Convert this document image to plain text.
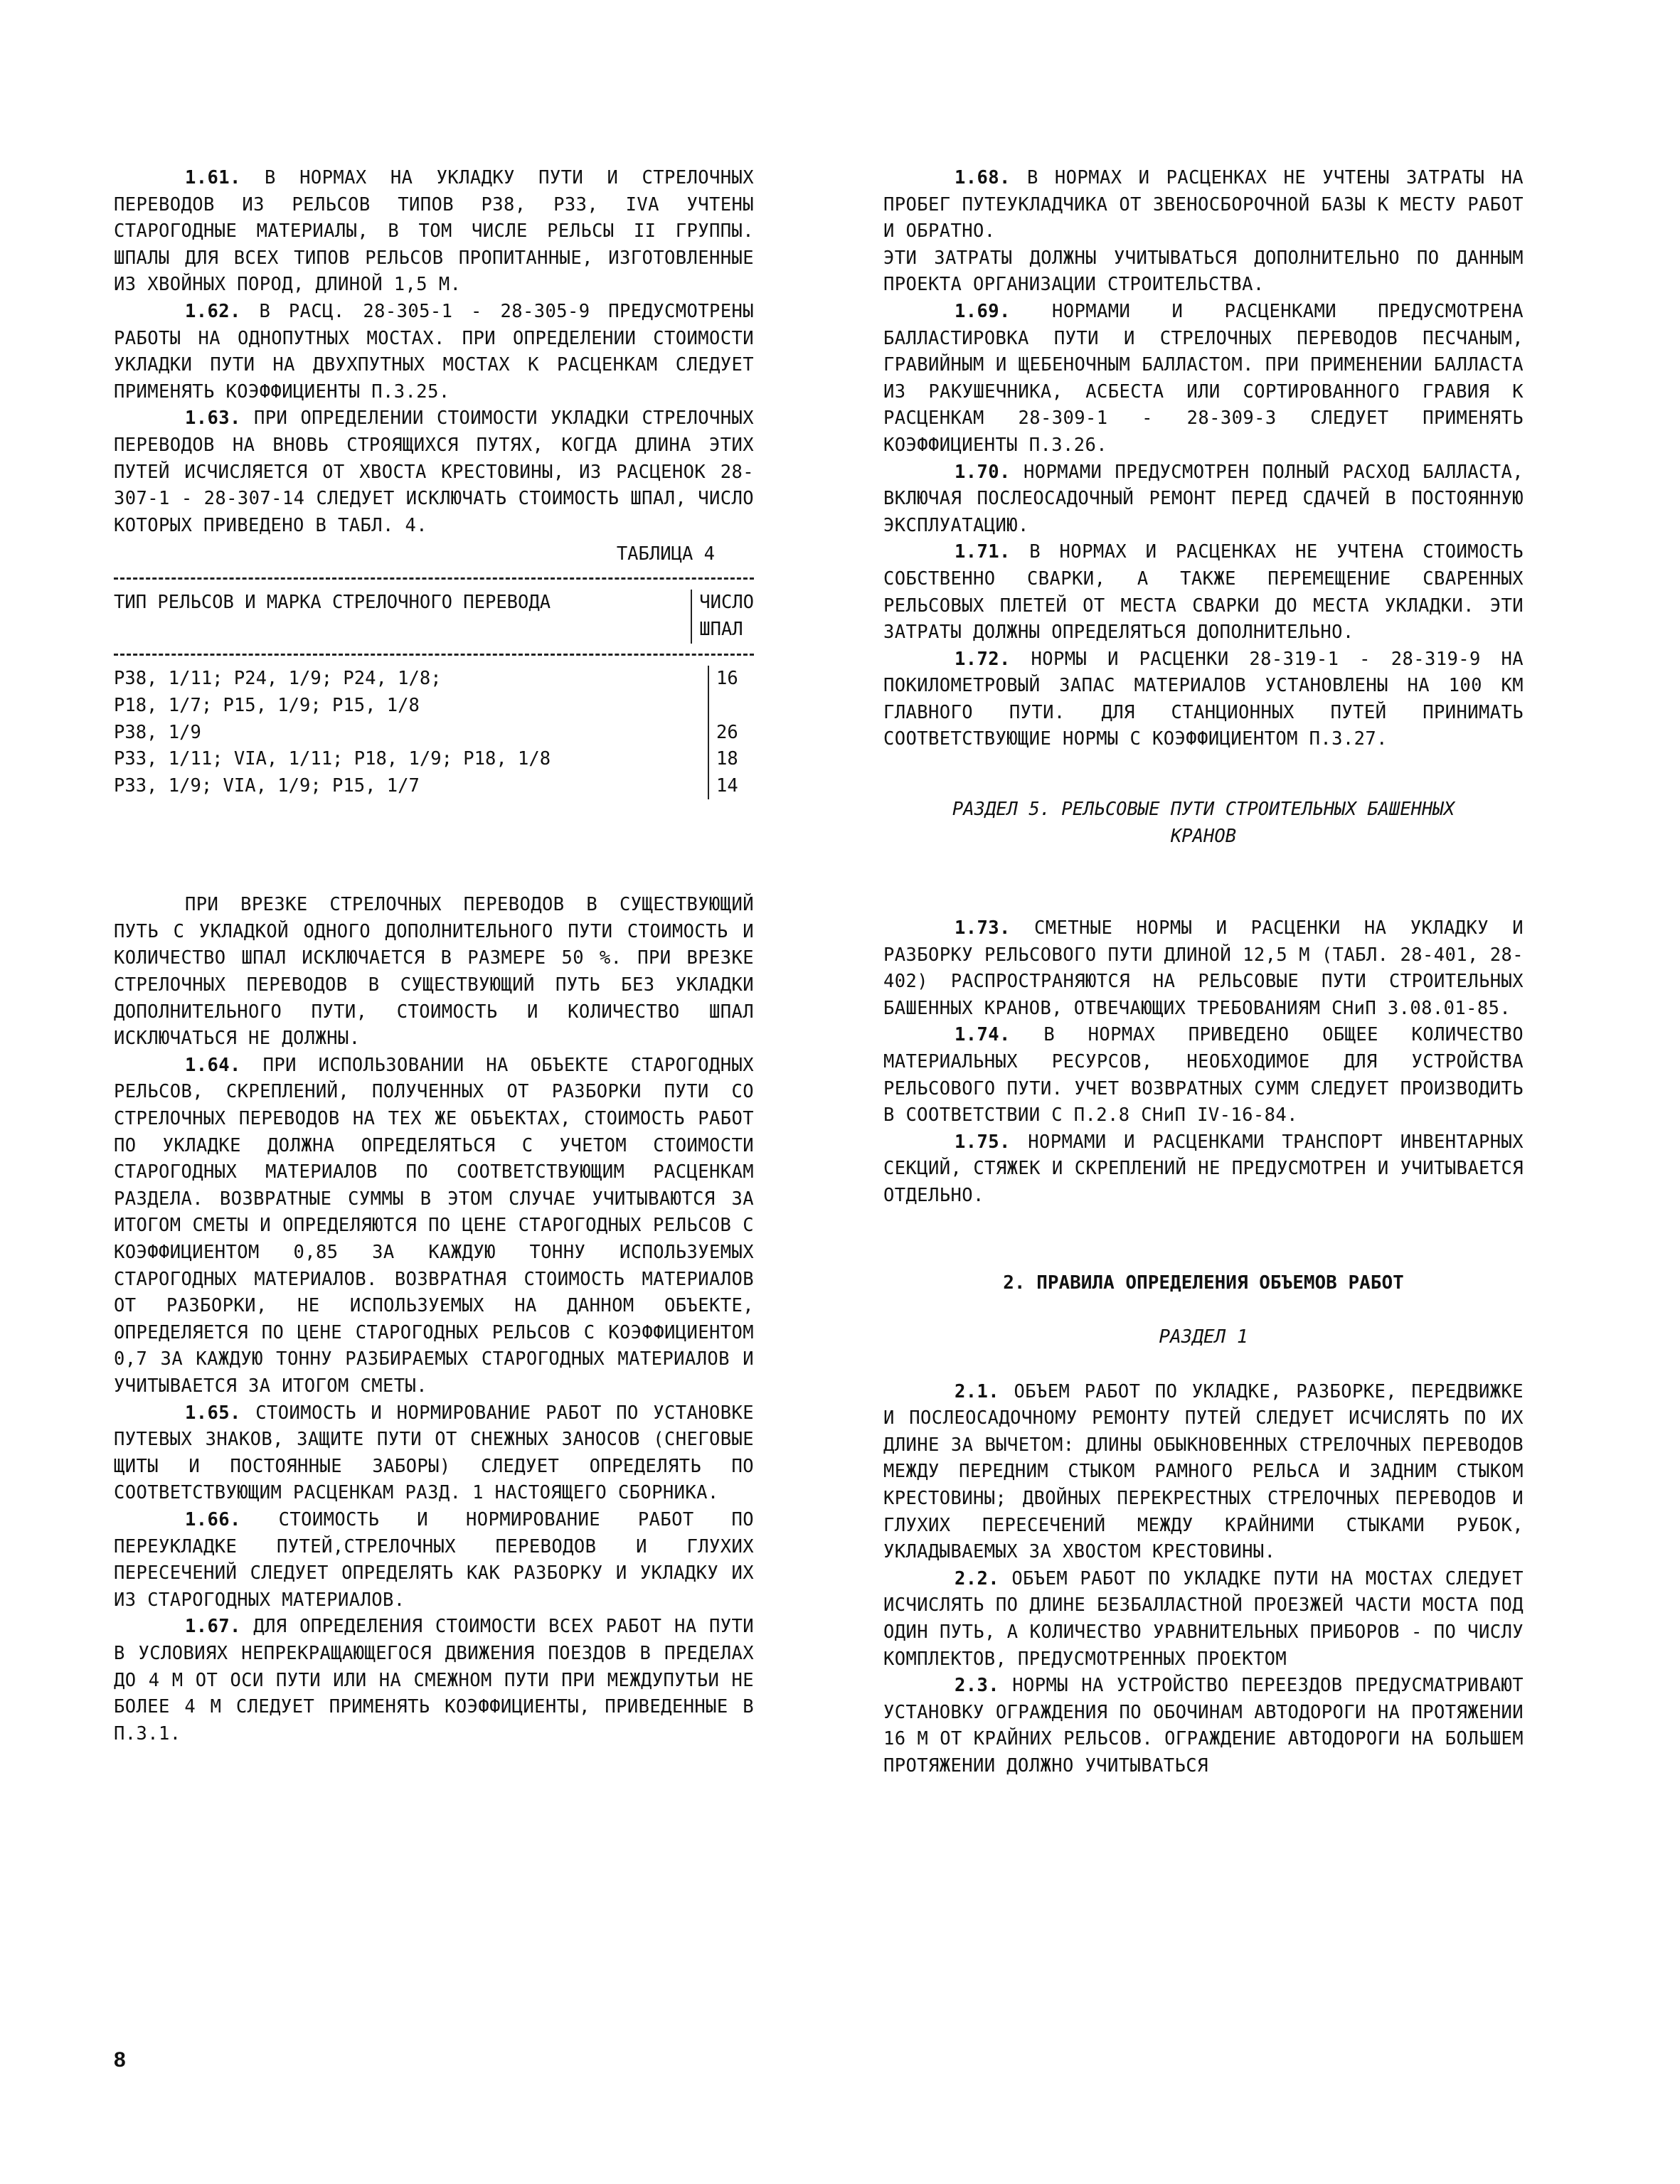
1.61. В НОРМАХ НА УКЛАДКУ ПУТИ И СТРЕЛОЧНЫХ ПЕРЕВОДОВ ИЗ РЕЛЬСОВ ТИПОВ Р38, Р33, IVA УЧТЕНЫ СТАРОГОДНЫЕ МАТЕРИАЛЫ, В ТОМ ЧИСЛЕ РЕЛЬСЫ II ГРУППЫ. ШПАЛЫ ДЛЯ ВСЕХ ТИПОВ РЕЛЬСОВ ПРОПИТАННЫЕ, ИЗГОТОВЛЕННЫЕ ИЗ ХВОЙНЫХ ПОРОД, ДЛИНОЙ 1,5 М.

1.62. В РАСЦ. 28-305-1 - 28-305-9 ПРЕДУСМОТРЕНЫ РАБОТЫ НА ОДНОПУТНЫХ МОСТАХ. ПРИ ОПРЕДЕЛЕНИИ СТОИМОСТИ УКЛАДКИ ПУТИ НА ДВУХПУТНЫХ МОСТАХ К РАСЦЕНКАМ СЛЕДУЕТ ПРИМЕНЯТЬ КОЭФФИЦИЕНТЫ П.3.25.

1.63. ПРИ ОПРЕДЕЛЕНИИ СТОИМОСТИ УКЛАДКИ СТРЕЛОЧНЫХ ПЕРЕВОДОВ НА ВНОВЬ СТРОЯЩИХСЯ ПУТЯХ, КОГДА ДЛИНА ЭТИХ ПУТЕЙ ИСЧИСЛЯЕТСЯ ОТ ХВОСТА КРЕСТОВИНЫ, ИЗ РАСЦЕНОК 28-307-1 - 28-307-14 СЛЕДУЕТ ИСКЛЮЧАТЬ СТОИМОСТЬ ШПАЛ, ЧИСЛО КОТОРЫХ ПРИВЕДЕНО В ТАБЛ. 4.

ТАБЛИЦА 4
ТИП РЕЛЬСОВ И МАРКА СТРЕЛОЧНОГО ПЕРЕВОДА	ЧИСЛО
ШПАЛ
Р38, 1/11; Р24, 1/9; Р24, 1/8;	16
Р18, 1/7; Р15, 1/9; Р15, 1/8
Р38, 1/9	26
Р33, 1/11; VIA, 1/11; Р18, 1/9; Р18, 1/8	18
Р33, 1/9; VIA, 1/9; Р15, 1/7	14

ПРИ ВРЕЗКЕ СТРЕЛОЧНЫХ ПЕРЕВОДОВ В СУЩЕСТВУЮЩИЙ ПУТЬ С УКЛАДКОЙ ОДНОГО ДОПОЛНИТЕЛЬНОГО ПУТИ СТОИМОСТЬ И КОЛИЧЕСТВО ШПАЛ ИСКЛЮЧАЕТСЯ В РАЗМЕРЕ 50 %. ПРИ ВРЕЗКЕ СТРЕЛОЧНЫХ ПЕРЕВОДОВ В СУЩЕСТВУЮЩИЙ ПУТЬ БЕЗ УКЛАДКИ ДОПОЛНИТЕЛЬНОГО ПУТИ, СТОИМОСТЬ И КОЛИЧЕСТВО ШПАЛ ИСКЛЮЧАТЬСЯ НЕ ДОЛЖНЫ.

1.64. ПРИ ИСПОЛЬЗОВАНИИ НА ОБЪЕКТЕ СТАРОГОДНЫХ РЕЛЬСОВ, СКРЕПЛЕНИЙ, ПОЛУЧЕННЫХ ОТ РАЗБОРКИ ПУТИ СО СТРЕЛОЧНЫХ ПЕРЕВОДОВ НА ТЕХ ЖЕ ОБЪЕКТАХ, СТОИМОСТЬ РАБОТ ПО УКЛАДКЕ ДОЛЖНА ОПРЕДЕЛЯТЬСЯ С УЧЕТОМ СТОИМОСТИ СТАРОГОДНЫХ МАТЕРИАЛОВ ПО СООТВЕТСТВУЮЩИМ РАСЦЕНКАМ РАЗДЕЛА. ВОЗВРАТНЫЕ СУММЫ В ЭТОМ СЛУЧАЕ УЧИТЫВАЮТСЯ ЗА ИТОГОМ СМЕТЫ И ОПРЕДЕЛЯЮТСЯ ПО ЦЕНЕ СТАРОГОДНЫХ РЕЛЬСОВ С КОЭФФИЦИЕНТОМ 0,85 ЗА КАЖДУЮ ТОННУ ИСПОЛЬЗУЕМЫХ СТАРОГОДНЫХ МАТЕРИАЛОВ. ВОЗВРАТНАЯ СТОИМОСТЬ МАТЕРИАЛОВ ОТ РАЗБОРКИ, НЕ ИСПОЛЬЗУЕМЫХ НА ДАННОМ ОБЪЕКТЕ, ОПРЕДЕЛЯЕТСЯ ПО ЦЕНЕ СТАРОГОДНЫХ РЕЛЬСОВ С КОЭФФИЦИЕНТОМ 0,7 ЗА КАЖДУЮ ТОННУ РАЗБИРАЕМЫХ СТАРОГОДНЫХ МАТЕРИАЛОВ И УЧИТЫВАЕТСЯ ЗА ИТОГОМ СМЕТЫ.

1.65. СТОИМОСТЬ И НОРМИРОВАНИЕ РАБОТ ПО УСТАНОВКЕ ПУТЕВЫХ ЗНАКОВ, ЗАЩИТЕ ПУТИ ОТ СНЕЖНЫХ ЗАНОСОВ (СНЕГОВЫЕ ЩИТЫ И ПОСТОЯННЫЕ ЗАБОРЫ) СЛЕДУЕТ ОПРЕДЕЛЯТЬ ПО СООТВЕТСТВУЮЩИМ РАСЦЕНКАМ РАЗД. 1 НАСТОЯЩЕГО СБОРНИКА.

1.66. СТОИМОСТЬ И НОРМИРОВАНИЕ РАБОТ ПО ПЕРЕУКЛАДКЕ ПУТЕЙ,СТРЕЛОЧНЫХ ПЕРЕВОДОВ И ГЛУХИХ ПЕРЕСЕЧЕНИЙ СЛЕДУЕТ ОПРЕДЕЛЯТЬ КАК РАЗБОРКУ И УКЛАДКУ ИХ ИЗ СТАРОГОДНЫХ МАТЕРИАЛОВ.

1.67. ДЛЯ ОПРЕДЕЛЕНИЯ СТОИМОСТИ ВСЕХ РАБОТ НА ПУТИ В УСЛОВИЯХ НЕПРЕКРАЩАЮЩЕГОСЯ ДВИЖЕНИЯ ПОЕЗДОВ В ПРЕДЕЛАХ ДО 4 М ОТ ОСИ ПУТИ ИЛИ НА СМЕЖНОМ ПУТИ ПРИ МЕЖДУПУТЬИ НЕ БОЛЕЕ 4 М СЛЕДУЕТ ПРИМЕНЯТЬ КОЭФФИЦИЕНТЫ, ПРИВЕДЕННЫЕ В П.3.1.

1.68. В НОРМАХ И РАСЦЕНКАХ НЕ УЧТЕНЫ ЗАТРАТЫ НА ПРОБЕГ ПУТЕУКЛАДЧИКА ОТ ЗВЕНОСБОРОЧНОЙ БАЗЫ К МЕСТУ РАБОТ И ОБРАТНО.

ЭТИ ЗАТРАТЫ ДОЛЖНЫ УЧИТЫВАТЬСЯ ДОПОЛНИТЕЛЬНО ПО ДАННЫМ ПРОЕКТА ОРГАНИЗАЦИИ СТРОИТЕЛЬСТВА.

1.69. НОРМАМИ И РАСЦЕНКАМИ ПРЕДУСМОТРЕНА БАЛЛАСТИРОВКА ПУТИ И СТРЕЛОЧНЫХ ПЕРЕВОДОВ ПЕСЧАНЫМ, ГРАВИЙНЫМ И ЩЕБЕНОЧНЫМ БАЛЛАСТОМ. ПРИ ПРИМЕНЕНИИ БАЛЛАСТА ИЗ РАКУШЕЧНИКА, АСБЕСТА ИЛИ СОРТИРОВАННОГО ГРАВИЯ К РАСЦЕНКАМ 28-309-1 - 28-309-3 СЛЕДУЕТ ПРИМЕНЯТЬ КОЭФФИЦИЕНТЫ П.3.26.

1.70. НОРМАМИ ПРЕДУСМОТРЕН ПОЛНЫЙ РАСХОД БАЛЛАСТА, ВКЛЮЧАЯ ПОСЛЕОСАДОЧНЫЙ РЕМОНТ ПЕРЕД СДАЧЕЙ В ПОСТОЯННУЮ ЭКСПЛУАТАЦИЮ.

1.71. В НОРМАХ И РАСЦЕНКАХ НЕ УЧТЕНА СТОИМОСТЬ СОБСТВЕННО СВАРКИ, А ТАКЖЕ ПЕРЕМЕЩЕНИЕ СВАРЕННЫХ РЕЛЬСОВЫХ ПЛЕТЕЙ ОТ МЕСТА СВАРКИ ДО МЕСТА УКЛАДКИ. ЭТИ ЗАТРАТЫ ДОЛЖНЫ ОПРЕДЕЛЯТЬСЯ ДОПОЛНИТЕЛЬНО.

1.72. НОРМЫ И РАСЦЕНКИ 28-319-1 - 28-319-9 НА ПОКИЛОМЕТРОВЫЙ ЗАПАС МАТЕРИАЛОВ УСТАНОВЛЕНЫ НА 100 КМ ГЛАВНОГО ПУТИ. ДЛЯ СТАНЦИОННЫХ ПУТЕЙ ПРИНИМАТЬ СООТВЕТСТВУЮЩИЕ НОРМЫ С КОЭФФИЦИЕНТОМ П.3.27.

РАЗДЕЛ 5. РЕЛЬСОВЫЕ ПУТИ СТРОИТЕЛЬНЫХ БАШЕННЫХ КРАНОВ

1.73. СМЕТНЫЕ НОРМЫ И РАСЦЕНКИ НА УКЛАДКУ И РАЗБОРКУ РЕЛЬСОВОГО ПУТИ ДЛИНОЙ 12,5 М (ТАБЛ. 28-401, 28-402) РАСПРОСТРАНЯЮТСЯ НА РЕЛЬСОВЫЕ ПУТИ СТРОИТЕЛЬНЫХ БАШЕННЫХ КРАНОВ, ОТВЕЧАЮЩИХ ТРЕБОВАНИЯМ СНиП 3.08.01-85.

1.74. В НОРМАХ ПРИВЕДЕНО ОБЩЕЕ КОЛИЧЕСТВО МАТЕРИАЛЬНЫХ РЕСУРСОВ, НЕОБХОДИМОЕ ДЛЯ УСТРОЙСТВА РЕЛЬСОВОГО ПУТИ. УЧЕТ ВОЗВРАТНЫХ СУММ СЛЕДУЕТ ПРОИЗВОДИТЬ В СООТВЕТСТВИИ С П.2.8 СНиП IV-16-84.

1.75. НОРМАМИ И РАСЦЕНКАМИ ТРАНСПОРТ ИНВЕНТАРНЫХ СЕКЦИЙ, СТЯЖЕК И СКРЕПЛЕНИЙ НЕ ПРЕДУСМОТРЕН И УЧИТЫВАЕТСЯ ОТДЕЛЬНО.

2. ПРАВИЛА ОПРЕДЕЛЕНИЯ ОБЪЕМОВ РАБОТ
РАЗДЕЛ 1

2.1. ОБЪЕМ РАБОТ ПО УКЛАДКЕ, РАЗБОРКЕ, ПЕРЕДВИЖКЕ И ПОСЛЕОСАДОЧНОМУ РЕМОНТУ ПУТЕЙ СЛЕДУЕТ ИСЧИСЛЯТЬ ПО ИХ ДЛИНЕ ЗА ВЫЧЕТОМ: ДЛИНЫ ОБЫКНОВЕННЫХ СТРЕЛОЧНЫХ ПЕРЕВОДОВ МЕЖДУ ПЕРЕДНИМ СТЫКОМ РАМНОГО РЕЛЬСА И ЗАДНИМ СТЫКОМ КРЕСТОВИНЫ; ДВОЙНЫХ ПЕРЕКРЕСТНЫХ СТРЕЛОЧНЫХ ПЕРЕВОДОВ И ГЛУХИХ ПЕРЕСЕЧЕНИЙ МЕЖДУ КРАЙНИМИ СТЫКАМИ РУБОК, УКЛАДЫВАЕМЫХ ЗА ХВОСТОМ КРЕСТОВИНЫ.

2.2. ОБЪЕМ РАБОТ ПО УКЛАДКЕ ПУТИ НА МОСТАХ СЛЕДУЕТ ИСЧИСЛЯТЬ ПО ДЛИНЕ БЕЗБАЛЛАСТНОЙ ПРОЕЗЖЕЙ ЧАСТИ МОСТА ПОД ОДИН ПУТЬ, А КОЛИЧЕСТВО УРАВНИТЕЛЬНЫХ ПРИБОРОВ - ПО ЧИСЛУ КОМПЛЕКТОВ, ПРЕДУСМОТРЕННЫХ ПРОЕКТОМ

2.3. НОРМЫ НА УСТРОЙСТВО ПЕРЕЕЗДОВ ПРЕДУСМАТРИВАЮТ УСТАНОВКУ ОГРАЖДЕНИЯ ПО ОБОЧИНАМ АВТОДОРОГИ НА ПРОТЯЖЕНИИ 16 М ОТ КРАЙНИХ РЕЛЬСОВ. ОГРАЖДЕНИЕ АВТОДОРОГИ НА БОЛЬШЕМ ПРОТЯЖЕНИИ ДОЛЖНО УЧИТЫВАТЬСЯ

8
